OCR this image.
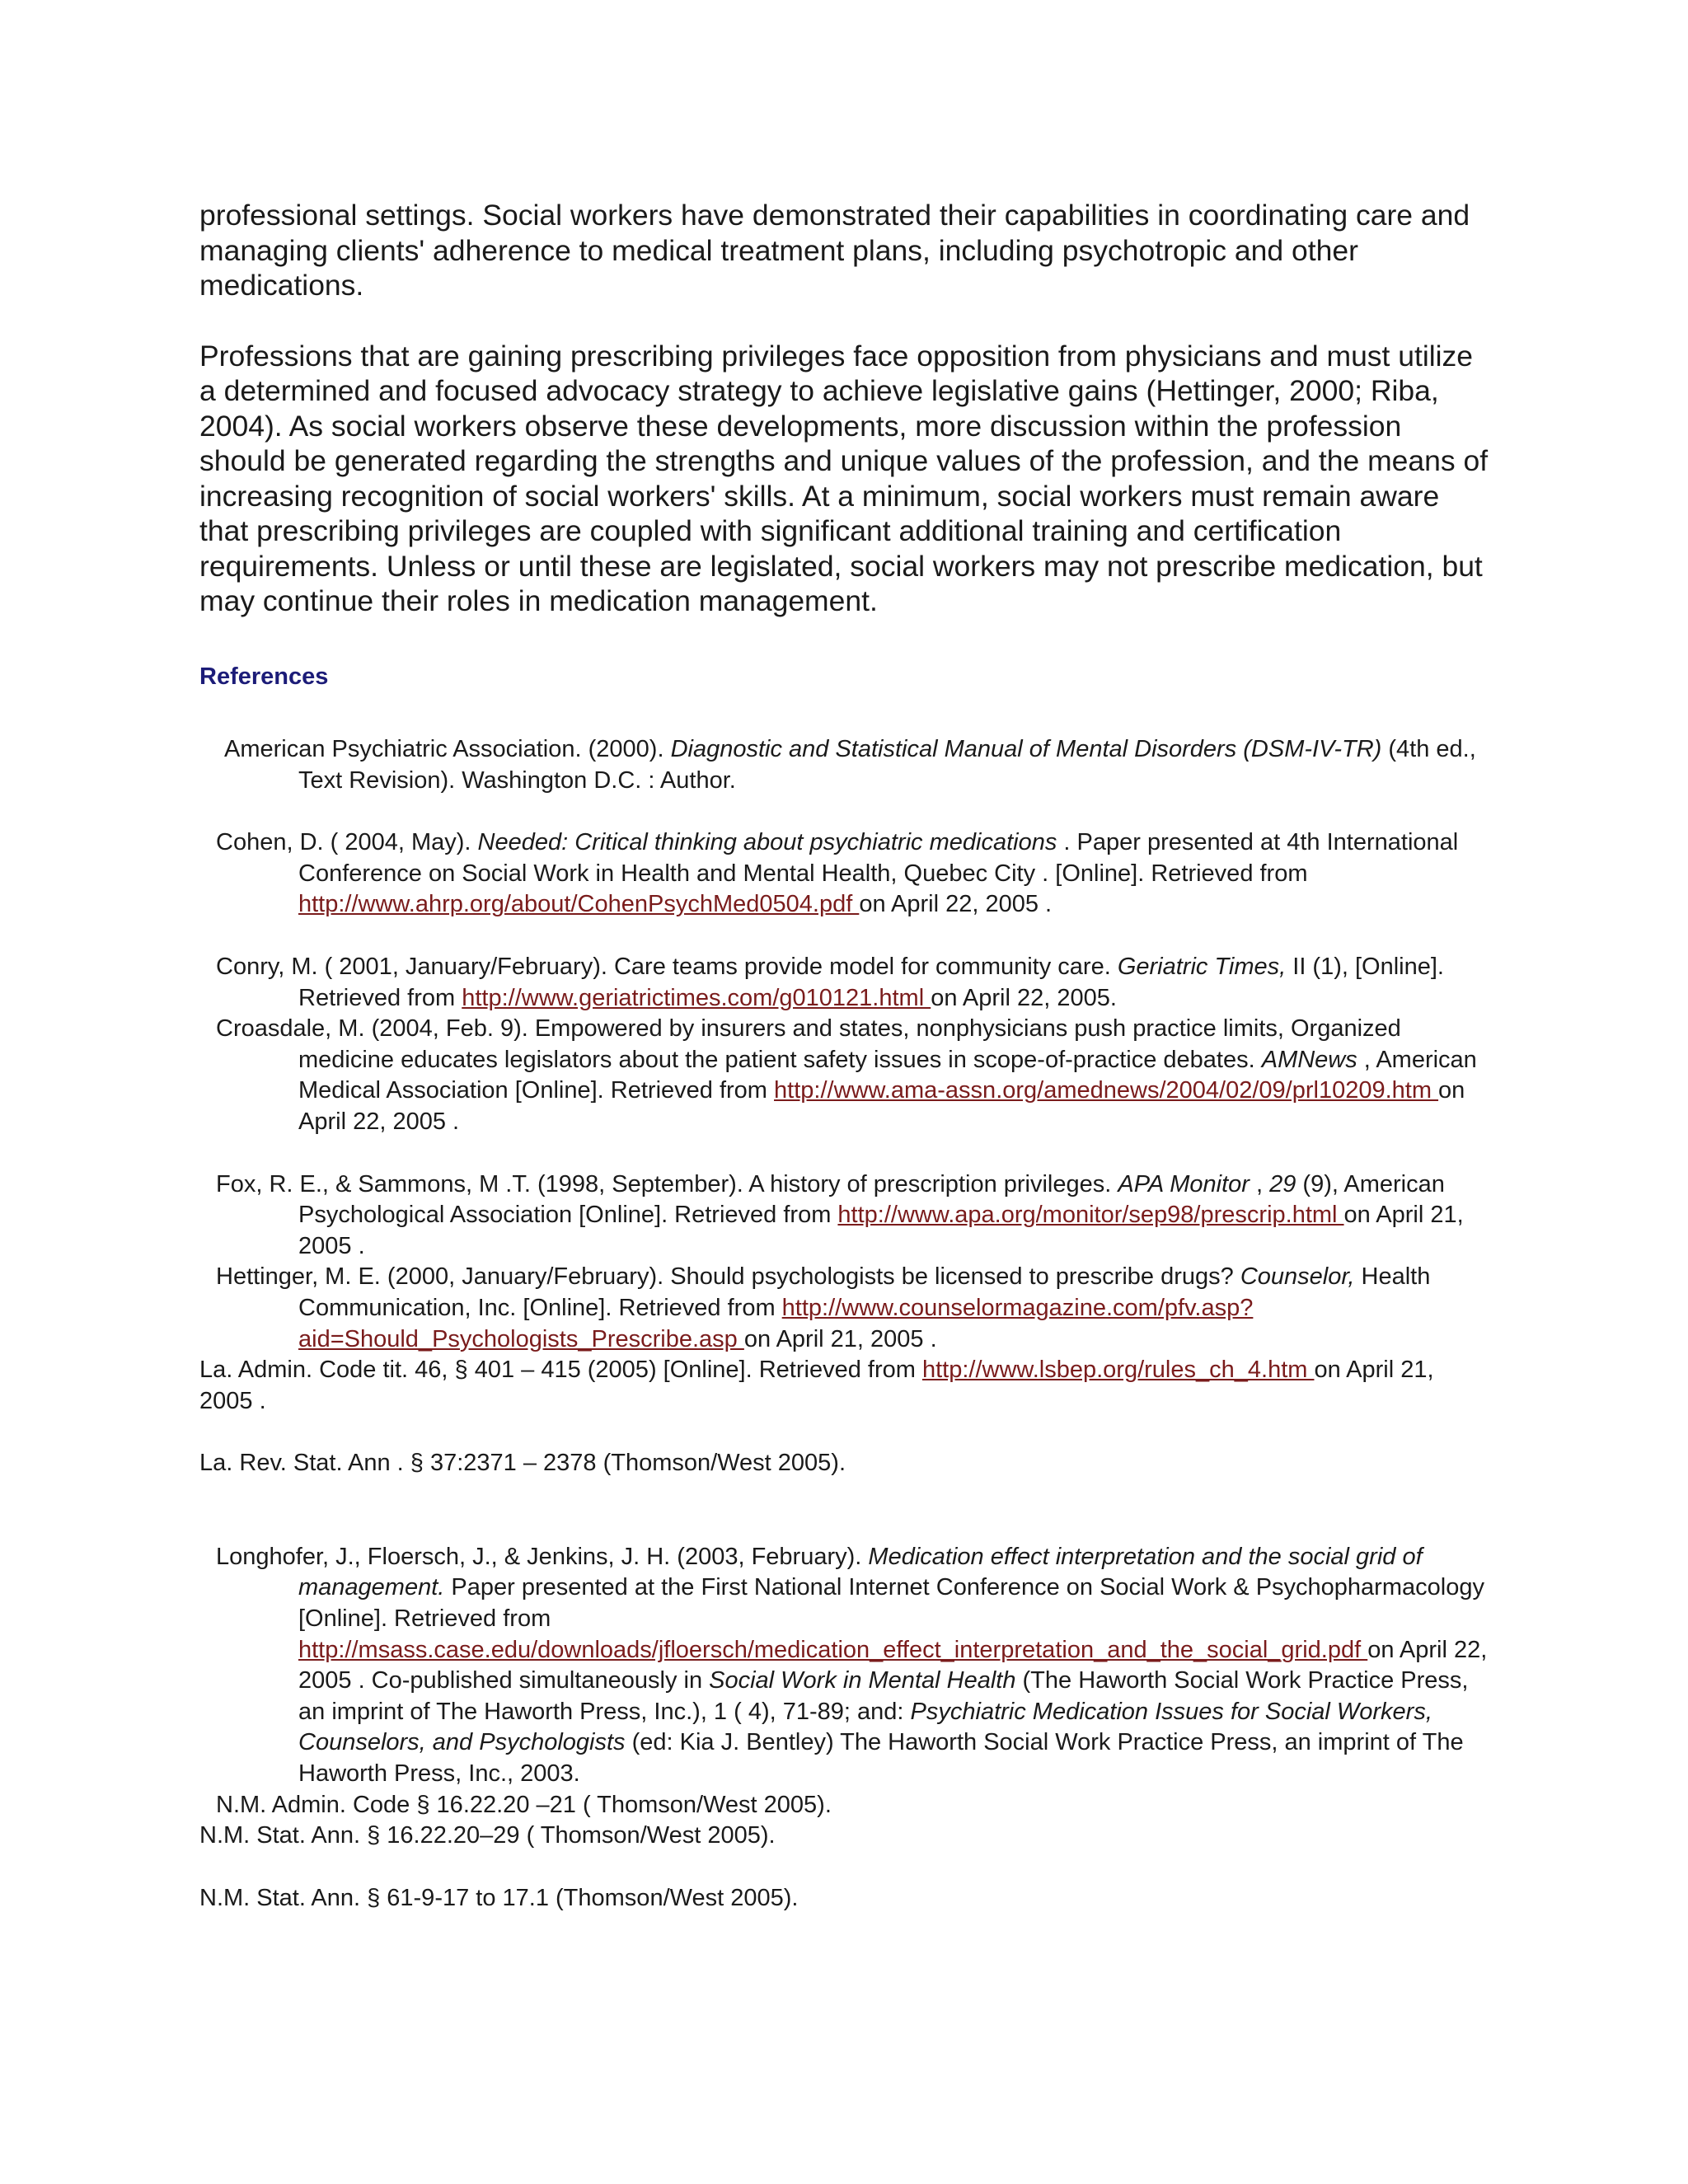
professional settings. Social workers have demonstrated their capabilities in coordinating care and managing clients' adherence to medical treatment plans, including psychotropic and other medications.

Professions that are gaining prescribing privileges face opposition from physicians and must utilize a determined and focused advocacy strategy to achieve legislative gains (Hettinger, 2000; Riba, 2004). As social workers observe these developments, more discussion within the profession should be generated regarding the strengths and unique values of the profession, and the means of increasing recognition of social workers' skills. At a minimum, social workers must remain aware that prescribing privileges are coupled with significant additional training and certification requirements. Unless or until these are legislated, social workers may not prescribe medication, but may continue their roles in medication management.

References

American Psychiatric Association. (2000). Diagnostic and Statistical Manual of Mental Disorders (DSM-IV-TR) (4th ed., Text Revision). Washington D.C. : Author.

Cohen, D. ( 2004, May). Needed: Critical thinking about psychiatric medications . Paper presented at 4th International Conference on Social Work in Health and Mental Health, Quebec City . [Online]. Retrieved from http://www.ahrp.org/about/CohenPsychMed0504.pdf on April 22, 2005 .

Conry, M. ( 2001, January/February). Care teams provide model for community care. Geriatric Times, II (1), [Online]. Retrieved from http://www.geriatrictimes.com/g010121.html on April 22, 2005.

Croasdale, M. (2004, Feb. 9). Empowered by insurers and states, nonphysicians push practice limits, Organized medicine educates legislators about the patient safety issues in scope-of-practice debates. AMNews , American Medical Association [Online]. Retrieved from http://www.ama-assn.org/amednews/2004/02/09/prl10209.htm on April 22, 2005 .

Fox, R. E., & Sammons, M .T. (1998, September). A history of prescription privileges. APA Monitor , 29 (9), American Psychological Association [Online]. Retrieved from http://www.apa.org/monitor/sep98/prescrip.html on April 21, 2005 .

Hettinger, M. E. (2000, January/February). Should psychologists be licensed to prescribe drugs? Counselor, Health Communication, Inc. [Online]. Retrieved from http://www.counselormagazine.com/pfv.asp?aid=Should_Psychologists_Prescribe.asp on April 21, 2005 .

La. Admin. Code tit. 46, § 401 – 415 (2005) [Online]. Retrieved from http://www.lsbep.org/rules_ch_4.htm on April 21, 2005 .

La. Rev. Stat. Ann . § 37:2371 – 2378 (Thomson/West 2005).

Longhofer, J., Floersch, J., & Jenkins, J. H. (2003, February). Medication effect interpretation and the social grid of management. Paper presented at the First National Internet Conference on Social Work & Psychopharmacology [Online]. Retrieved from http://msass.case.edu/downloads/jfloersch/medication_effect_interpretation_and_the_social_grid.pdf on April 22, 2005 . Co-published simultaneously in Social Work in Mental Health (The Haworth Social Work Practice Press, an imprint of The Haworth Press, Inc.), 1 ( 4), 71-89; and: Psychiatric Medication Issues for Social Workers, Counselors, and Psychologists (ed: Kia J. Bentley) The Haworth Social Work Practice Press, an imprint of The Haworth Press, Inc., 2003.

N.M. Admin. Code § 16.22.20 –21 ( Thomson/West 2005).

N.M. Stat. Ann. § 16.22.20–29 ( Thomson/West 2005).

N.M. Stat. Ann. § 61-9-17 to 17.1 (Thomson/West 2005).
